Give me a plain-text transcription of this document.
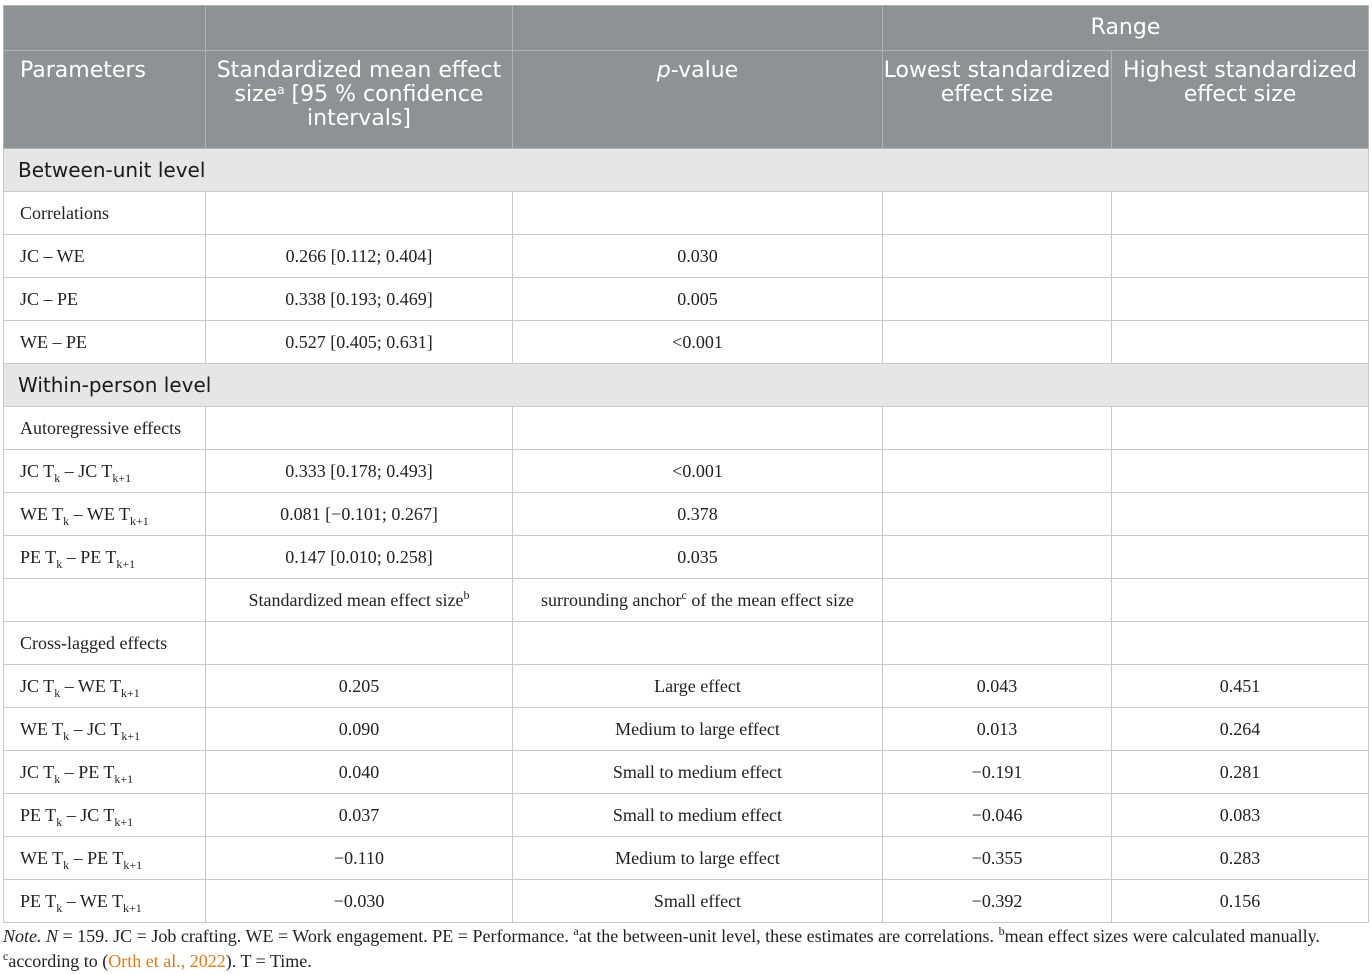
			Range	
Parameters	Standardized mean effect size$^a$ [95 % confidence intervals]	p-value	Lowest standardized effect size	Highest standardized effect size
Between-unit level				
Correlations				
JC – WE	0.266 [0.112; 0.404]	0.030		
JC – PE	0.338 [0.193; 0.469]	0.005		
WE – PE	0.527 [0.405; 0.631]	<0.001		
Within-person level				
Autoregressive effects				
JC $T_k$ – JC $T_{k+1}$	0.333 [0.178; 0.493]	<0.001		
WE $T_k$ – WE $T_{k+1}$	0.081 [−0.101; 0.267]	0.378		
PE $T_k$ – PE $T_{k+1}$	0.147 [0.010; 0.258]	0.035		
	Standardized mean effect size$^b$	surrounding anchor$^c$ of the mean effect size		
Cross-lagged effects				
JC $T_k$ – WE $T_{k+1}$	0.205	Large effect	0.043	0.451
WE $T_k$ – JC $T_{k+1}$	0.090	Medium to large effect	0.013	0.264
JC $T_k$ – PE $T_{k+1}$	0.040	Small to medium effect	−0.191	0.281
PE $T_k$ – JC $T_{k+1}$	0.037	Small to medium effect	−0.046	0.083
WE $T_k$ – PE $T_{k+1}$	−0.110	Medium to large effect	−0.355	0.283
PE $T_k$ – WE $T_{k+1}$	−0.030	Small effect	−0.392	0.156
Note. N = 159. JC = Job crafting. WE = Work engagement. PE = Performance. $^a$at the between-unit level, these estimates are correlations. $^b$mean effect sizes were calculated manually.
$^c$according to (Orth et al., 2022). T = Time.
